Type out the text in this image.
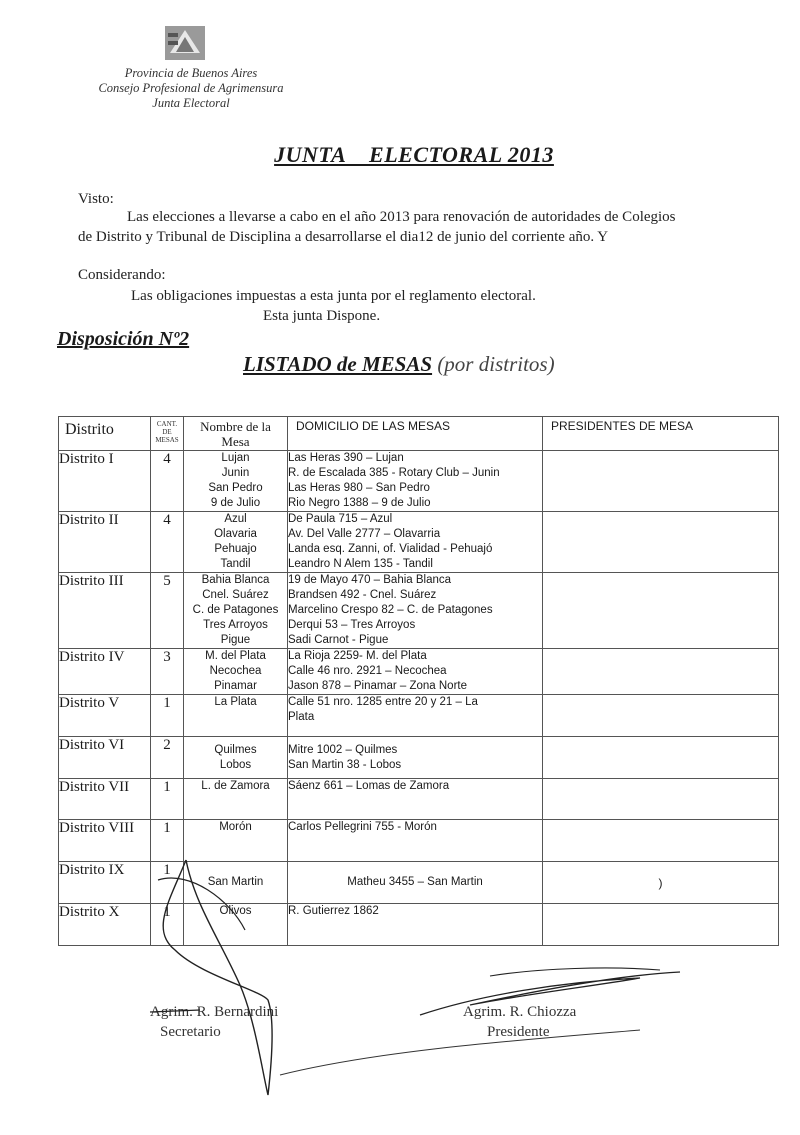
Provincia de Buenos Aires
Consejo Profesional de Agrimensura
Junta Electoral
JUNTA    ELECTORAL 2013
Visto:
Las elecciones a llevarse a cabo en el año 2013 para renovación de autoridades de Colegios
de Distrito y Tribunal de Disciplina a desarrollarse el dia12 de junio del corriente año. Y
Considerando:
Las obligaciones impuestas a esta junta por el reglamento electoral.
Esta junta Dispone.
Disposición Nº2
LISTADO de MESAS (por distritos)
Distrito	CANT.
DE
MESAS	Nombre de la
Mesa	DOMICILIO DE LAS MESAS	PRESIDENTES DE MESA
Distrito I	4	Lujan
Junin
San Pedro
9 de Julio	Las Heras 390 – Lujan
R. de Escalada 385 - Rotary Club – Junin
Las Heras 980 – San Pedro
Rio Negro 1388 – 9 de Julio	

Distrito II	4	Azul
Olavaria
Pehuajo
Tandil	De Paula 715 – Azul
Av. Del Valle 2777 – Olavarria
Landa esq. Zanni, of. Vialidad - Pehuajó
Leandro N Alem 135 - Tandil	

Distrito III	5	Bahia Blanca
Cnel. Suárez
C. de Patagones
Tres Arroyos
Pigue	19 de Mayo 470 – Bahia Blanca
Brandsen 492 - Cnel. Suárez
Marcelino Crespo 82 – C. de Patagones
Derqui 53 – Tres Arroyos
Sadi Carnot - Pigue	

Distrito IV	3	M. del Plata
Necochea
Pinamar	La Rioja 2259- M. del Plata
Calle 46 nro. 2921 – Necochea
Jason 878 – Pinamar – Zona Norte	

Distrito V	1	La Plata	Calle 51 nro. 1285 entre 20 y 21 – La
Plata	

Distrito VI	2	Quilmes
Lobos	Mitre 1002 – Quilmes
San Martin 38 - Lobos	

Distrito VII	1	L. de Zamora	Sáenz 661 – Lomas de Zamora	

Distrito VIII	1	Morón	Carlos Pellegrini 755 - Morón	

Distrito IX	1	San Martin	Matheu 3455 – San Martin	)
Distrito X	1	Olivos	R. Gutierrez 1862	

Agrim. R. Bernardini
Secretario
Agrim. R. Chiozza
Presidente
